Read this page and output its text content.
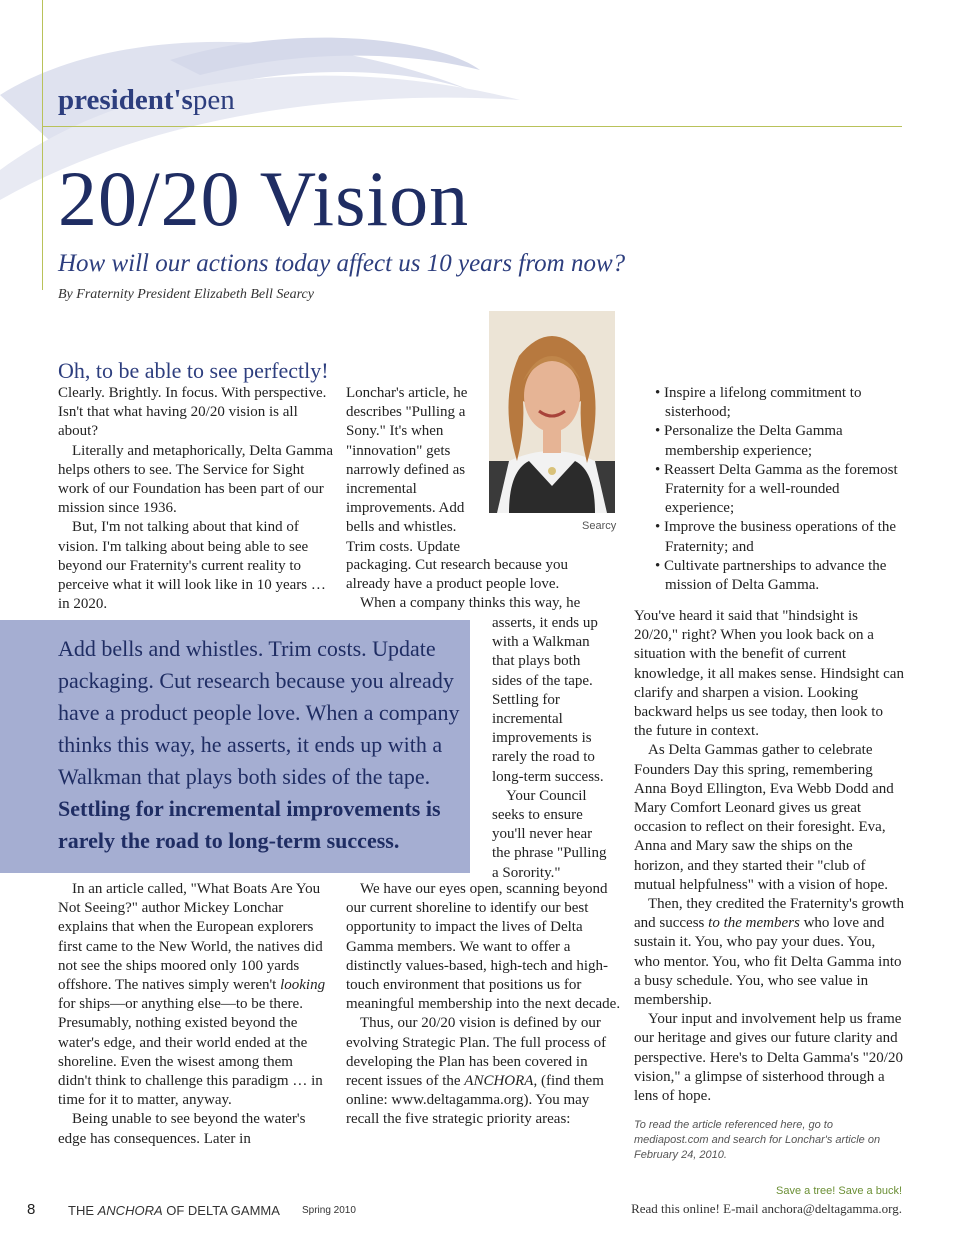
president'spen
20/20 Vision
How will our actions today affect us 10 years from now?
By Fraternity President Elizabeth Bell Searcy
Searcy
Oh, to be able to see perfectly!

Clearly. Brightly. In focus. With perspective. Isn't that what having 20/20 vision is all about?

Literally and metaphorically, Delta Gamma helps others to see. The Service for Sight work of our Foundation has been part of our mission since 1936.

But, I'm not talking about that kind of vision. I'm talking about being able to see beyond our Fraternity's current reality to perceive what it will look like in 10 years … in 2020.

Lonchar's article, he describes "Pulling a Sony." It's when "innovation" gets narrowly defined as incremental improvements. Add bells and whistles. Trim costs. Update

packaging. Cut research because you already have a product people love.

When a company thinks this way, he

Add bells and whistles. Trim costs. Update packaging. Cut research because you already have a product people love. When a company thinks this way, he asserts, it ends up with a Walkman that plays both sides of the tape. Settling for incremental improvements is rarely the road to long-term success.

asserts, it ends up with a Walkman that plays both sides of the tape. Settling for incremental improvements is rarely the road to long-term success.

Your Council seeks to ensure you'll never hear the phrase "Pulling a Sorority."

In an article called, "What Boats Are You Not Seeing?" author Mickey Lonchar explains that when the European explorers first came to the New World, the natives did not see the ships moored only 100 yards offshore. The natives simply weren't looking for ships—or anything else—to be there. Presumably, nothing existed beyond the water's edge, and their world ended at the shoreline. Even the wisest among them didn't think to challenge this paradigm … in time for it to matter, anyway.

Being unable to see beyond the water's edge has consequences. Later in

We have our eyes open, scanning beyond our current shoreline to identify our best opportunity to impact the lives of Delta Gamma members. We want to offer a distinctly values-based, high-tech and high-touch environment that positions us for meaningful membership into the next decade.

Thus, our 20/20 vision is defined by our evolving Strategic Plan. The full process of developing the Plan has been covered in recent issues of the ANCHORA, (find them online: www.deltagamma.org). You may recall the five strategic priority areas:

• Inspire a lifelong commitment to sisterhood;
• Personalize the Delta Gamma membership experience;
• Reassert Delta Gamma as the foremost Fraternity for a well-rounded experience;
• Improve the business operations of the Fraternity; and
• Cultivate partnerships to advance the mission of Delta Gamma.

You've heard it said that "hindsight is 20/20," right? When you look back on a situation with the benefit of current knowledge, it all makes sense. Hindsight can clarify and sharpen a vision. Looking backward helps us see today, then look to the future in context.

As Delta Gammas gather to celebrate Founders Day this spring, remembering Anna Boyd Ellington, Eva Webb Dodd and Mary Comfort Leonard gives us great occasion to reflect on their foresight. Eva, Anna and Mary saw the ships on the horizon, and they started their "club of mutual helpfulness" with a vision of hope.

Then, they credited the Fraternity's growth and success to the members who love and sustain it. You, who pay your dues. You, who mentor. You, who fit Delta Gamma into a busy schedule. You, who see value in membership.

Your input and involvement help us frame our heritage and gives our future clarity and perspective. Here's to Delta Gamma's "20/20 vision," a glimpse of sisterhood through a lens of hope.

To read the article referenced here, go to mediapost.com and search for Lonchar's article on February 24, 2010.
Save a tree! Save a buck!
Read this online! E-mail anchora@deltagamma.org.
8	THE ANCHORA OF DELTA GAMMA Spring 2010
